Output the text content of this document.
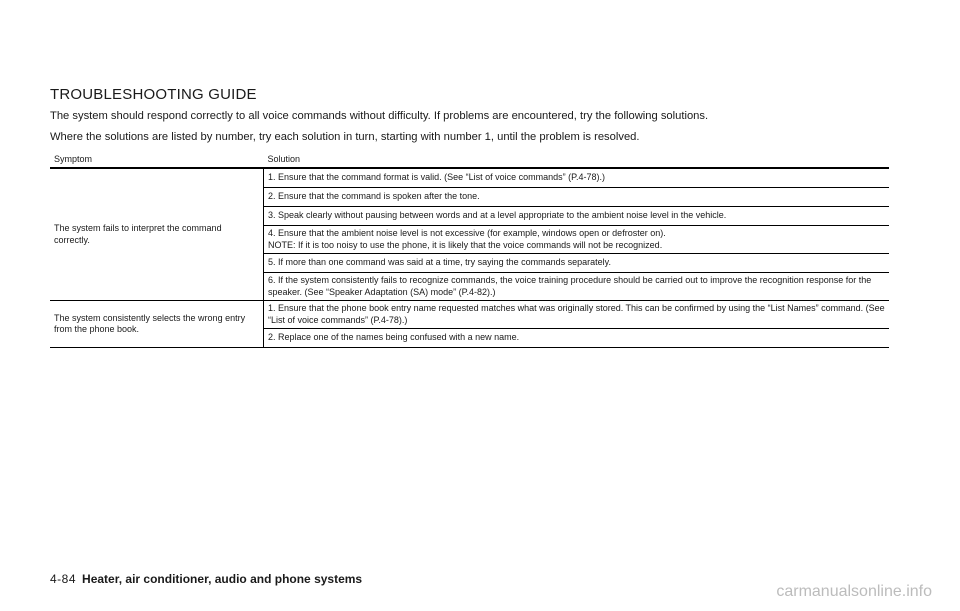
TROUBLESHOOTING GUIDE
The system should respond correctly to all voice commands without difficulty. If problems are encountered, try the following solutions.
Where the solutions are listed by number, try each solution in turn, starting with number 1, until the problem is resolved.
Symptom	Solution
The system fails to interpret the command correctly.	1. Ensure that the command format is valid. (See “List of voice commands” (P.4-78).)
	2. Ensure that the command is spoken after the tone.
	3. Speak clearly without pausing between words and at a level appropriate to the ambient noise level in the vehicle.

	4. Ensure that the ambient noise level is not excessive (for example, windows open or defroster on).
NOTE: If it is too noisy to use the phone, it is likely that the voice commands will not be recognized.

	5. If more than one command was said at a time, try saying the commands separately.
	6. If the system consistently fails to recognize commands, the voice training procedure should be carried out to improve the recognition response for the speaker. (See “Speaker Adaptation (SA) mode” (P.4-82).)
The system consistently selects the wrong entry from the phone book.	1. Ensure that the phone book entry name requested matches what was originally stored. This can be confirmed by using the “List Names” command. (See “List of voice commands” (P.4-78).)
	2. Replace one of the names being confused with a new name.
4-84 Heater, air conditioner, audio and phone systems
carmanualsonline.info
